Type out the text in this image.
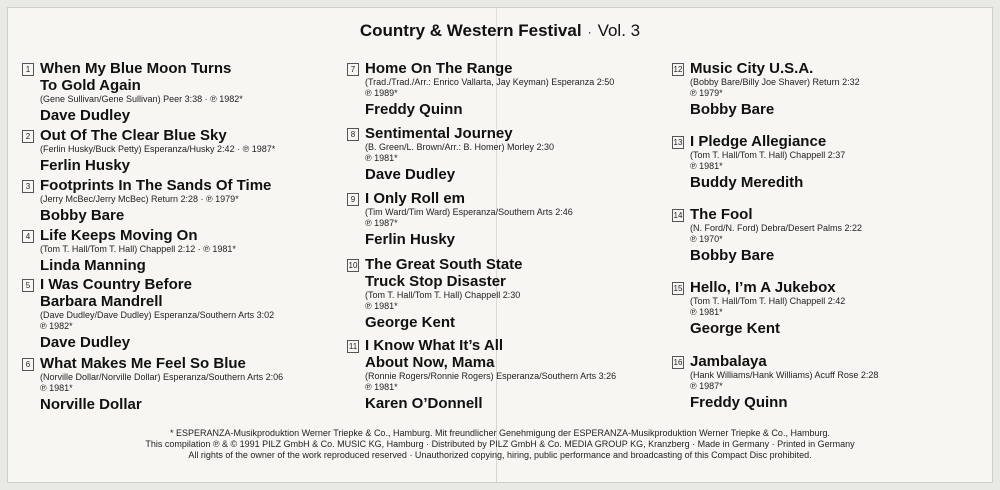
Country & Western Festival · Vol. 3
1 When My Blue Moon Turns
To Gold Again
(Gene Sullivan/Gene Sullivan) Peer 3:38 · ℗ 1982*
Dave Dudley
2 Out Of The Clear Blue Sky
(Ferlin Husky/Buck Petty) Esperanza/Husky 2:42 · ℗ 1987*
Ferlin Husky
3 Footprints In The Sands Of Time
(Jerry McBec/Jerry McBec) Return 2:28 · ℗ 1979*
Bobby Bare
4 Life Keeps Moving On
(Tom T. Hall/Tom T. Hall) Chappell 2:12 · ℗ 1981*
Linda Manning
5 I Was Country Before
Barbara Mandrell
(Dave Dudley/Dave Dudley) Esperanza/Southern Arts 3:02
℗ 1982*
Dave Dudley
6 What Makes Me Feel So Blue
(Norville Dollar/Norville Dollar) Esperanza/Southern Arts 2:06
℗ 1981*
Norville Dollar
7 Home On The Range
(Trad./Trad./Arr.: Enrico Vallarta, Jay Keyman) Esperanza 2:50
℗ 1989*
Freddy Quinn
8 Sentimental Journey
(B. Green/L. Brown/Arr.: B. Homer) Morley 2:30
℗ 1981*
Dave Dudley
9 I Only Roll em
(Tim Ward/Tim Ward) Esperanza/Southern Arts 2:46
℗ 1987*
Ferlin Husky
10 The Great South State
Truck Stop Disaster
(Tom T. Hall/Tom T. Hall) Chappell 2:30
℗ 1981*
George Kent
11 I Know What It’s All
About Now, Mama
(Ronnie Rogers/Ronnie Rogers) Esperanza/Southern Arts 3:26
℗ 1981*
Karen O’Donnell
12 Music City U.S.A.
(Bobby Bare/Billy Joe Shaver) Return 2:32
℗ 1979*
Bobby Bare
13 I Pledge Allegiance
(Tom T. Hall/Tom T. Hall) Chappell 2:37
℗ 1981*
Buddy Meredith
14 The Fool
(N. Ford/N. Ford) Debra/Desert Palms 2:22
℗ 1970*
Bobby Bare
15 Hello, I’m A Jukebox
(Tom T. Hall/Tom T. Hall) Chappell 2:42
℗ 1981*
George Kent
16 Jambalaya
(Hank Williams/Hank Williams) Acuff Rose 2:28
℗ 1987*
Freddy Quinn
* ESPERANZA-Musikproduktion Werner Triepke & Co., Hamburg. Mit freundlicher Genehmigung der ESPERANZA-Musikproduktion Werner Triepke & Co., Hamburg.
This compilation ℗ & © 1991 PILZ GmbH & Co. MUSIC KG, Hamburg · Distributed by PILZ GmbH & Co. MEDIA GROUP KG, Kranzberg · Made in Germany · Printed in Germany
All rights of the owner of the work reproduced reserved · Unauthorized copying, hiring, public performance and broadcasting of this Compact Disc prohibited.
